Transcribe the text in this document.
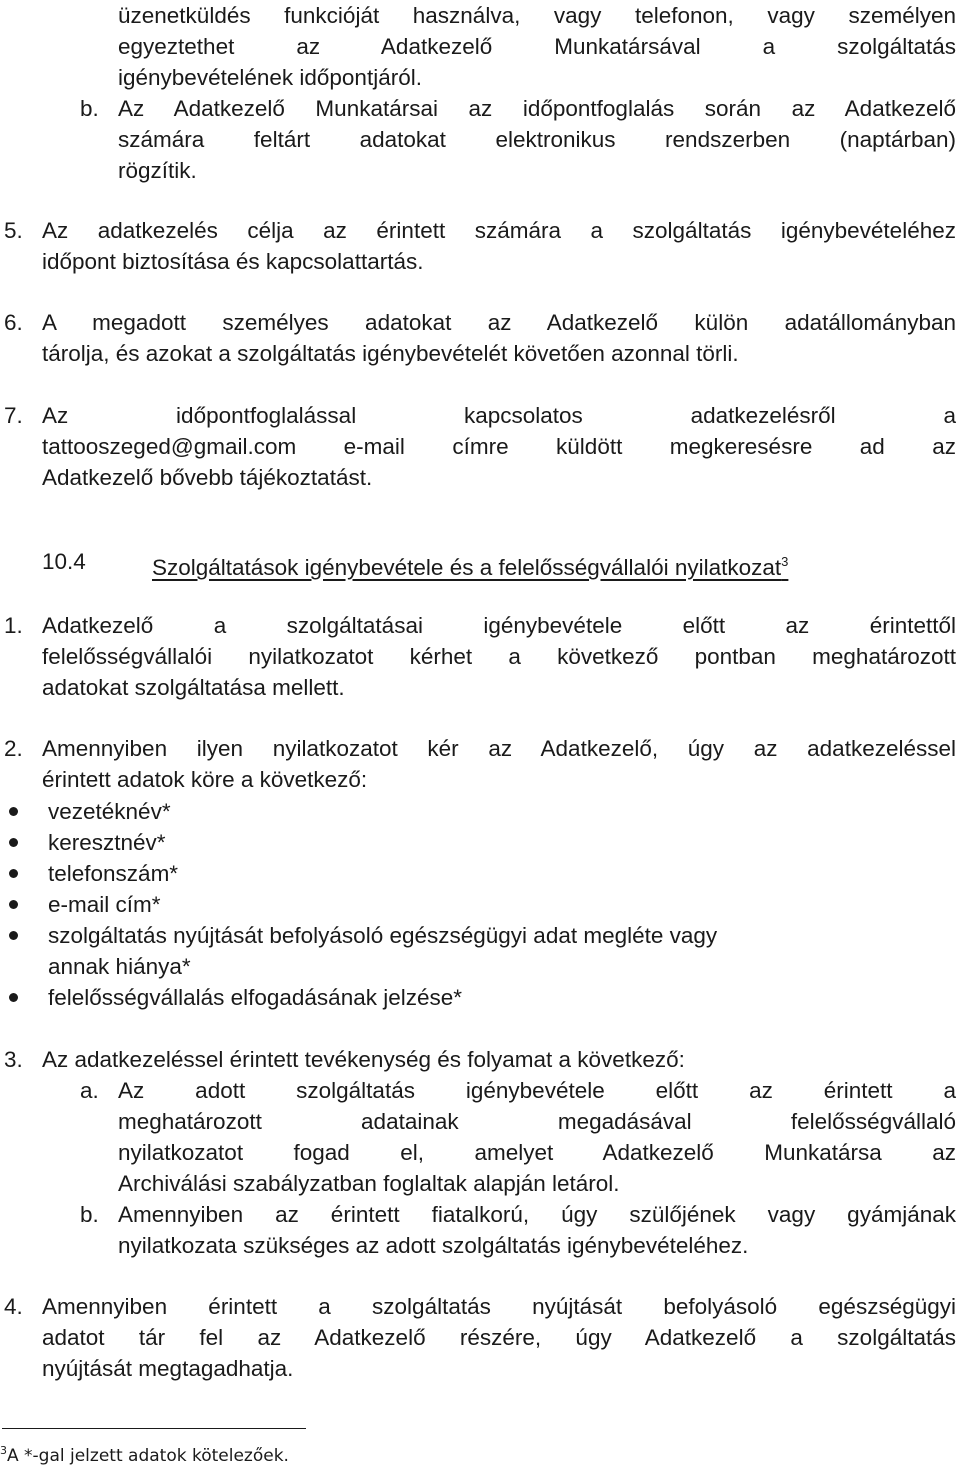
üzenetküldés funkcióját használva, vagy telefonon, vagy személyen
egyeztethet az Adatkezelő Munkatársával a szolgáltatás
igénybevételének időpontjáról.
b. Az Adatkezelő Munkatársai az időpontfoglalás során az Adatkezelő
számára feltárt adatokat elektronikus rendszerben (naptárban)
rögzítik.
5. Az adatkezelés célja az érintett számára a szolgáltatás igénybevételéhez
időpont biztosítása és kapcsolattartás.
6. A megadott személyes adatokat az Adatkezelő külön adatállományban
tárolja, és azokat a szolgáltatás igénybevételét követően azonnal törli.
7. Az időpontfoglalással kapcsolatos adatkezelésről a
tattooszeged@gmail.com e-mail címre küldött megkeresésre ad az
Adatkezelő bővebb tájékoztatást.
10.4	Szolgáltatások igénybevétele és a felelősségvállalói nyilatkozat$^3$
1. Adatkezelő a szolgáltatásai igénybevétele előtt az érintettől
felelősségvállalói nyilatkozatot kérhet a következő pontban meghatározott
adatokat szolgáltatása mellett.
2. Amennyiben ilyen nyilatkozatot kér az Adatkezelő, úgy az adatkezeléssel
érintett adatok köre a következő:
vezetéknév*
keresztnév*
telefonszám*
e-mail cím*
szolgáltatás nyújtását befolyásoló egészségügyi adat megléte vagy
annak hiánya*
felelősségvállalás elfogadásának jelzése*
3. Az adatkezeléssel érintett tevékenység és folyamat a következő:
a. Az adott szolgáltatás igénybevétele előtt az érintett a
meghatározott adatainak megadásával felelősségvállaló
nyilatkozatot fogad el, amelyet Adatkezelő Munkatársa az
Archiválási szabályzatban foglaltak alapján letárol.
b. Amennyiben az érintett fiatalkorú, úgy szülőjének vagy gyámjának
nyilatkozata szükséges az adott szolgáltatás igénybevételéhez.
4. Amennyiben érintett a szolgáltatás nyújtását befolyásoló egészségügyi
adatot tár fel az Adatkezelő részére, úgy Adatkezelő a szolgáltatás
nyújtását megtagadhatja.
$^3$A *-gal jelzett adatok kötelezőek.
